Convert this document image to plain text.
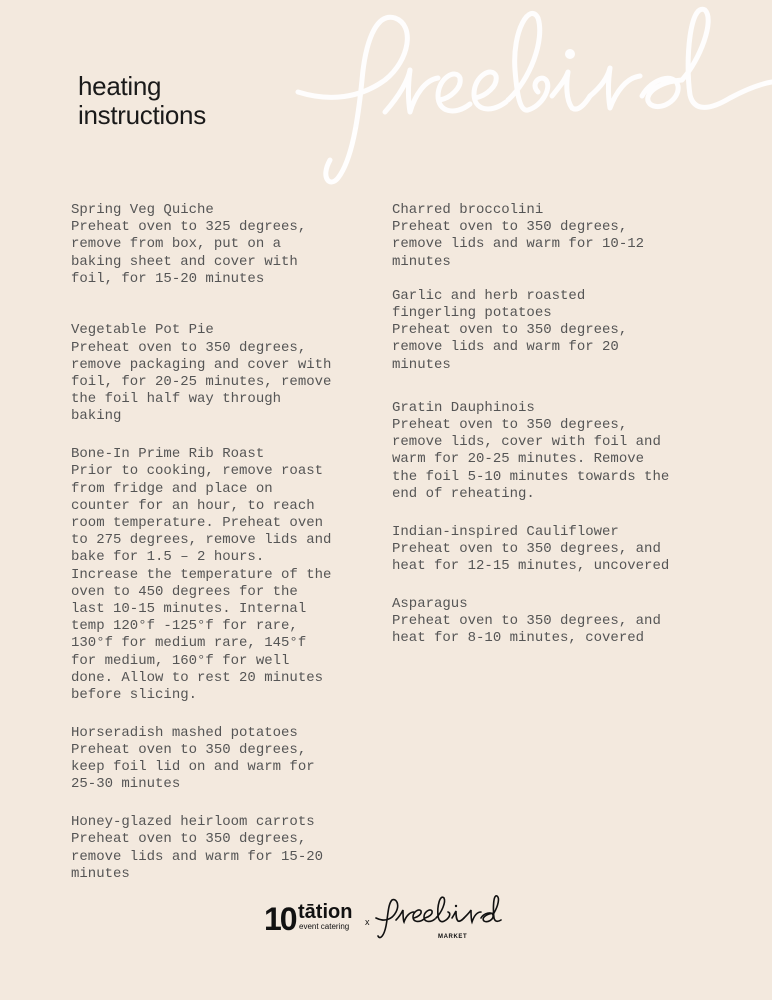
heating
instructions
Spring Veg Quiche
Preheat oven to 325 degrees,
remove from box, put on a
baking sheet and cover with
foil, for 15-20 minutes
Vegetable Pot Pie
Preheat oven to 350 degrees,
remove packaging and cover with
foil, for 20-25 minutes, remove
the foil half way through
baking
Bone-In Prime Rib Roast
Prior to cooking, remove roast
from fridge and place on
counter for an hour, to reach
room temperature. Preheat oven
to 275 degrees, remove lids and
bake for 1.5 – 2 hours.
Increase the temperature of the
oven to 450 degrees for the
last 10-15 minutes. Internal
temp 120°f -125°f for rare,
130°f for medium rare, 145°f
for medium, 160°f for well
done. Allow to rest 20 minutes
before slicing.
Horseradish mashed potatoes
Preheat oven to 350 degrees,
keep foil lid on and warm for
25-30 minutes
Honey-glazed heirloom carrots
Preheat oven to 350 degrees,
remove lids and warm for 15-20
minutes
Charred broccolini
Preheat oven to 350 degrees,
remove lids and warm for 10-12
minutes
Garlic and herb roasted
fingerling potatoes
Preheat oven to 350 degrees,
remove lids and warm for 20
minutes
Gratin Dauphinois
Preheat oven to 350 degrees,
remove lids, cover with foil and
warm for 20-25 minutes. Remove
the foil 5-10 minutes towards the
end of reheating.
Indian-inspired Cauliflower
Preheat oven to 350 degrees, and
heat for 12-15 minutes, uncovered
Asparagus
Preheat oven to 350 degrees, and
heat for 8-10 minutes, covered
10 tātion
event catering x
MARKET
